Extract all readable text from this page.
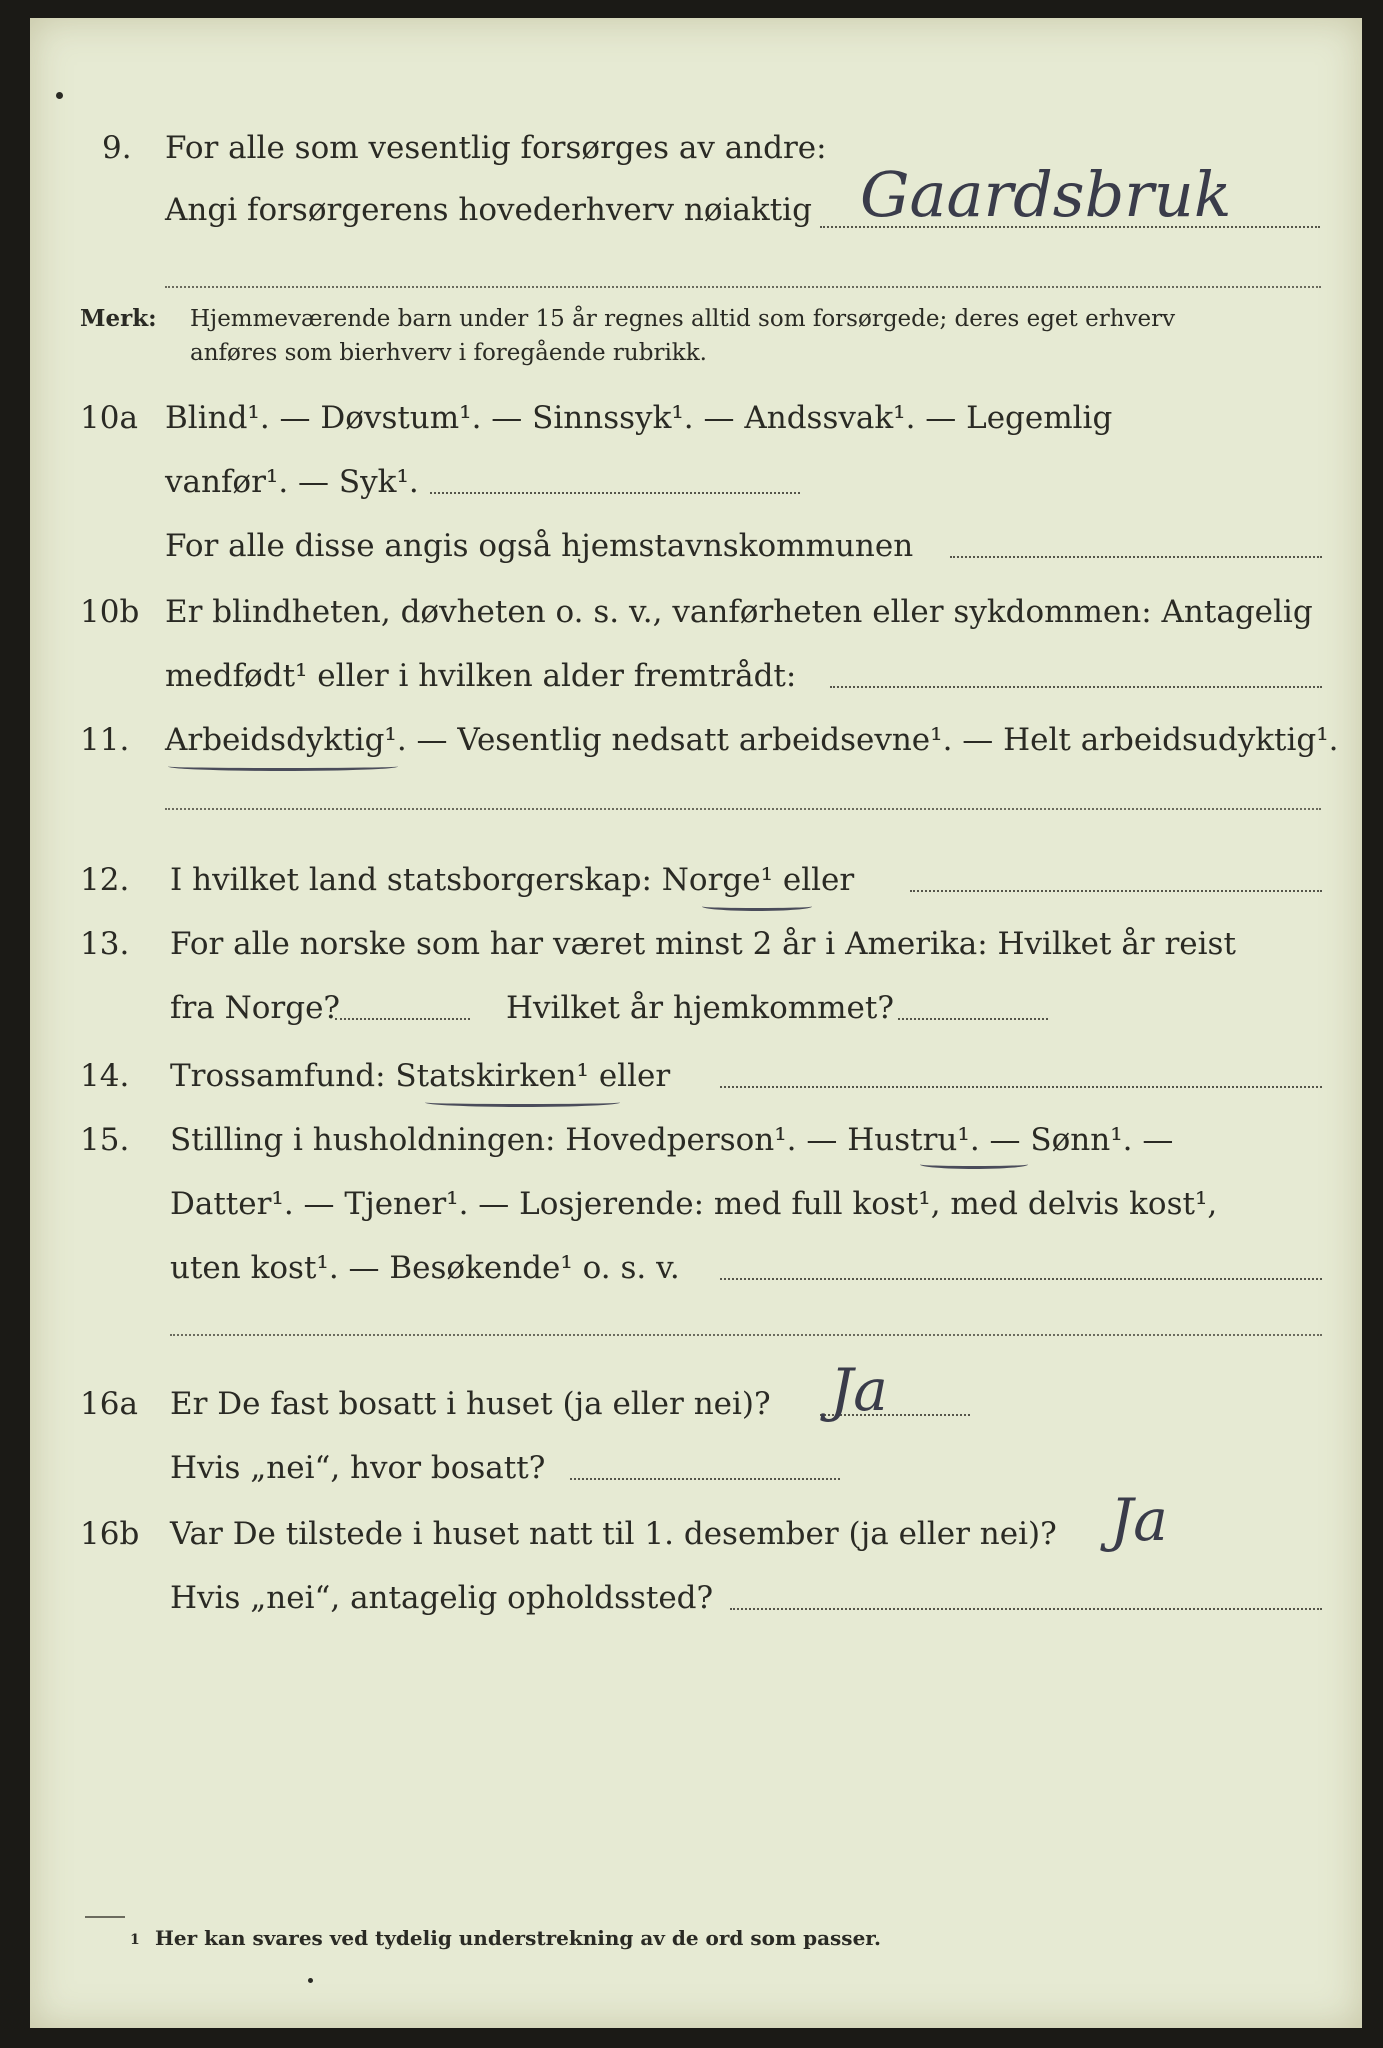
9. For alle som vesentlig forsørges av andre:
Angi forsørgerens hovederhverv nøiaktig Gaardsbruk
Merk: Hjemmeværende barn under 15 år regnes alltid som forsørgede; deres eget erhverv
anføres som bierhverv i foregående rubrikk.
10a Blind¹. — Døvstum¹. — Sinnssyk¹. — Andssvak¹. — Legemlig
vanfør¹. — Syk¹.
For alle disse angis også hjemstavnskommunen
10b Er blindheten, døvheten o. s. v., vanførheten eller sykdommen: Antagelig
medfødt¹ eller i hvilken alder fremtrådt:
11. Arbeidsdyktig¹. — Vesentlig nedsatt arbeidsevne¹. — Helt arbeidsudyktig¹.
12. I hvilket land statsborgerskap: Norge¹ eller
13. For alle norske som har været minst 2 år i Amerika: Hvilket år reist
fra Norge?	Hvilket år hjemkommet?
14. Trossamfund: Statskirken¹ eller
15. Stilling i husholdningen: Hovedperson¹. — Hustru¹. — Sønn¹. —
Datter¹. — Tjener¹. — Losjerende: med full kost¹, med delvis kost¹,
uten kost¹. — Besøkende¹ o. s. v.
16a Er De fast bosatt i huset (ja eller nei)? Ja
Hvis „nei“, hvor bosatt?
16b Var De tilstede i huset natt til 1. desember (ja eller nei)? Ja
Hvis „nei“, antagelig opholdssted?
1 Her kan svares ved tydelig understrekning av de ord som passer.
